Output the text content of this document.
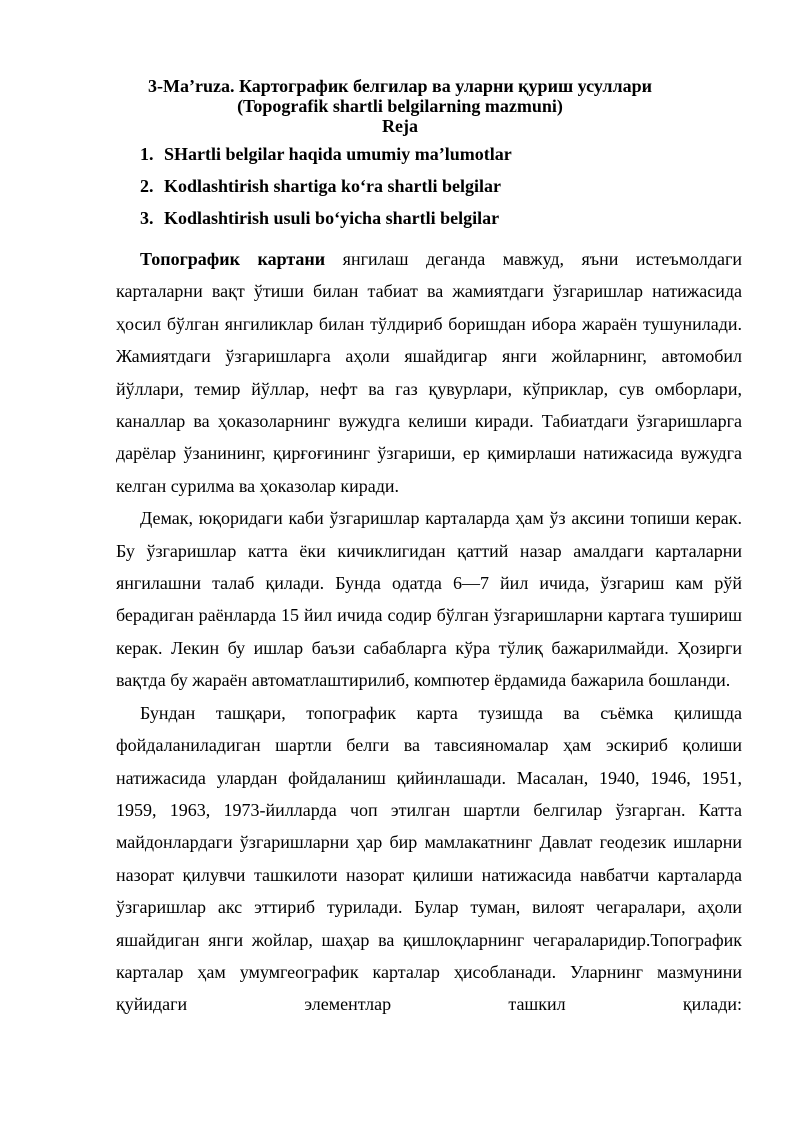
3-Ma’ruza. Картографик белгилар ва уларни қуриш усуллари
(Topografik shartli belgilarning mazmuni)
Reja
1. SHartli belgilar haqida umumiy ma’lumotlar
2. Kodlashtirish shartiga ko‘ra shartli belgilar
3. Kodlashtirish usuli bo‘yicha shartli belgilar

Топографик картани янгилаш деганда мавжуд, яъни истеъмолдаги карталарни вақт ўтиши билан табиат ва жамиятдаги ўзгаришлар натижасида ҳосил бўлган янгиликлар билан тўлдириб боришдан ибора жараён тушунилади. Жамиятдаги ўзгаришларга аҳоли яшайдигар янги жойларнинг, автомобил йўллари, темир йўллар, нефт ва газ қувурлари, кўприклар, сув омборлари, каналлар ва ҳоказоларнинг вужудга келиши киради. Табиатдаги ўзгаришларга дарёлар ўзанининг, қирғоғининг ўзгариши, ер қимирлаши натижасида вужудга келган сурилма ва ҳоказолар киради.

Демак, юқоридаги каби ўзгаришлар карталарда ҳам ўз аксини топиши керак. Бу ўзгаришлар катта ёки кичиклигидан қаттий назар амалдаги карталарни янгилашни талаб қилади. Бунда одатда 6—7 йил ичида, ўзгариш кам рўй берадиган раёнларда 15 йил ичида содир бўлган ўзгаришларни картага тушириш керак. Лекин бу ишлар баъзи сабабларга кўра тўлиқ бажарилмайди. Ҳозирги вақтда бу жараён автоматлаштирилиб, компютер ёрдамида бажарила бошланди.

Бундан ташқари, топографик карта тузишда ва съёмка қилишда фойдаланиладиган шартли белги ва тавсияномалар ҳам эскириб қолиши натижасида улардан фойдаланиш қийинлашади. Масалан, 1940, 1946, 1951, 1959, 1963, 1973-йилларда чоп этилган шартли белгилар ўзгарган. Катта майдонлардаги ўзгаришларни ҳар бир мамлакатнинг Давлат геодезик ишларни назорат қилувчи ташкилоти назорат қилиши натижасида навбатчи карталарда ўзгаришлар акс эттириб турилади. Булар туман, вилоят чегаралари, аҳоли яшайдиган янги жойлар, шаҳар ва қишлоқларнинг чегараларидир.Топографик карталар ҳам умумгеографик карталар ҳисобланади. Уларнинг мазмунини қуйидаги элементлар ташкил қилади:
